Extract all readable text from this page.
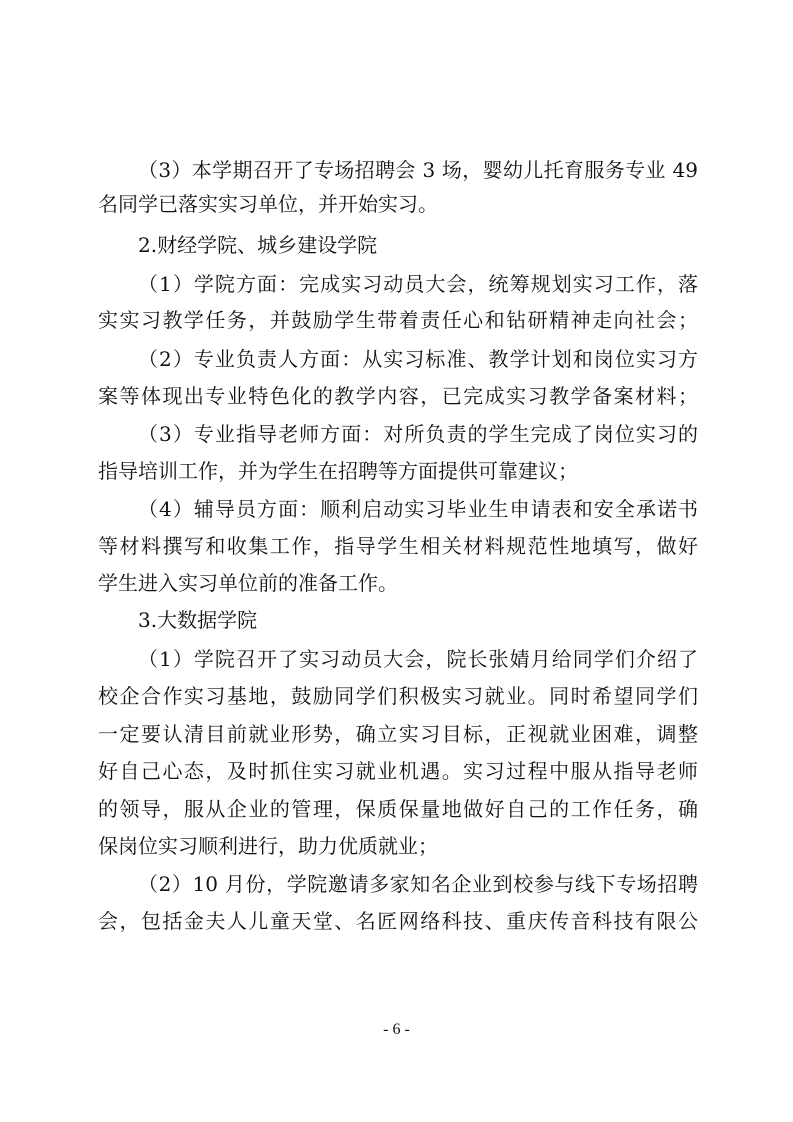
（3）本学期召开了专场招聘会 3 场，婴幼儿托育服务专业 49
名同学已落实实习单位，并开始实习。
2.财经学院、城乡建设学院
（1）学院方面：完成实习动员大会，统筹规划实习工作，落
实实习教学任务，并鼓励学生带着责任心和钻研精神走向社会；
（2）专业负责人方面：从实习标准、教学计划和岗位实习方
案等体现出专业特色化的教学内容，已完成实习教学备案材料；
（3）专业指导老师方面：对所负责的学生完成了岗位实习的
指导培训工作，并为学生在招聘等方面提供可靠建议；
（4）辅导员方面：顺利启动实习毕业生申请表和安全承诺书
等材料撰写和收集工作，指导学生相关材料规范性地填写，做好
学生进入实习单位前的准备工作。
3.大数据学院
（1）学院召开了实习动员大会，院长张婧月给同学们介绍了
校企合作实习基地，鼓励同学们积极实习就业。同时希望同学们
一定要认清目前就业形势，确立实习目标，正视就业困难，调整
好自己心态，及时抓住实习就业机遇。实习过程中服从指导老师
的领导，服从企业的管理，保质保量地做好自己的工作任务，确
保岗位实习顺利进行，助力优质就业；
（2）10 月份，学院邀请多家知名企业到校参与线下专场招聘
会，包括金夫人儿童天堂、名匠网络科技、重庆传音科技有限公
- 6 -
